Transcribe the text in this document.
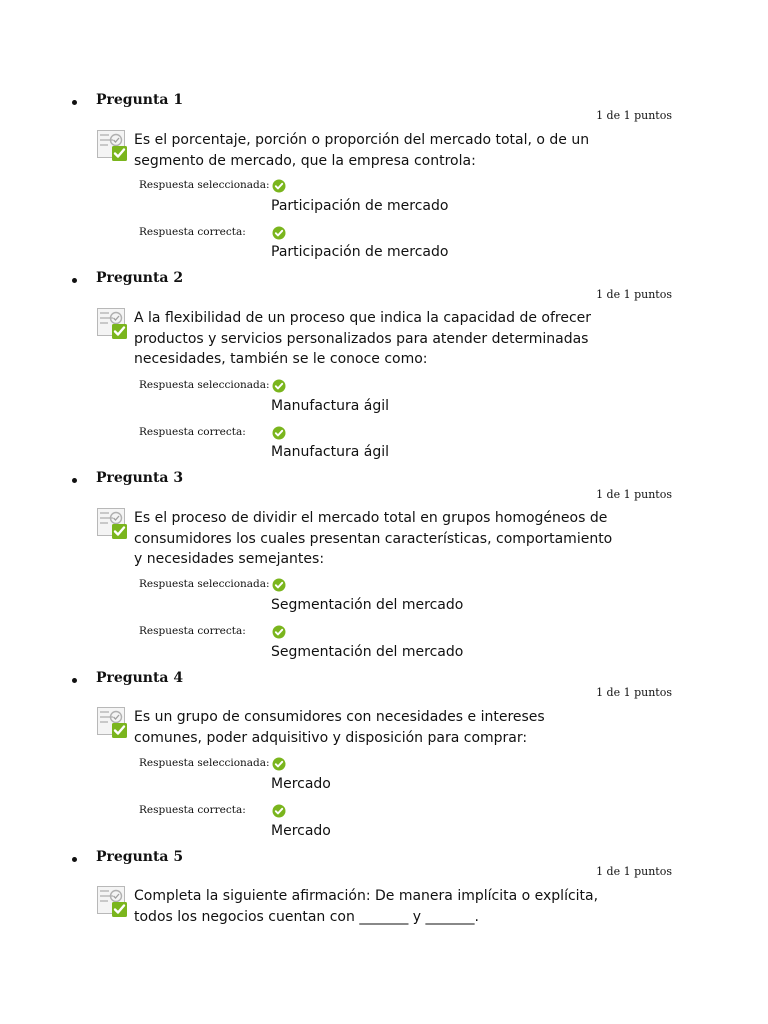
Pregunta 1
1 de 1 puntos
Es el porcentaje, porción o proporción del mercado total, o de un segmento de mercado, que la empresa controla:
Respuesta seleccionada:
Participación de mercado
Respuesta correcta:
Participación de mercado
Pregunta 2
1 de 1 puntos
A la flexibilidad de un proceso que indica la capacidad de ofrecer productos y servicios personalizados para atender determinadas necesidades, también se le conoce como:
Respuesta seleccionada:
Manufactura ágil
Respuesta correcta:
Manufactura ágil
Pregunta 3
1 de 1 puntos
Es el proceso de dividir el mercado total en grupos homogéneos de consumidores los cuales presentan características, comportamiento y necesidades semejantes:
Respuesta seleccionada:
Segmentación del mercado
Respuesta correcta:
Segmentación del mercado
Pregunta 4
1 de 1 puntos
Es un grupo de consumidores con necesidades e intereses comunes, poder adquisitivo y disposición para comprar:
Respuesta seleccionada:
Mercado
Respuesta correcta:
Mercado
Pregunta 5
1 de 1 puntos
Completa la siguiente afirmación: De manera implícita o explícita, todos los negocios cuentan con _______ y _______.
